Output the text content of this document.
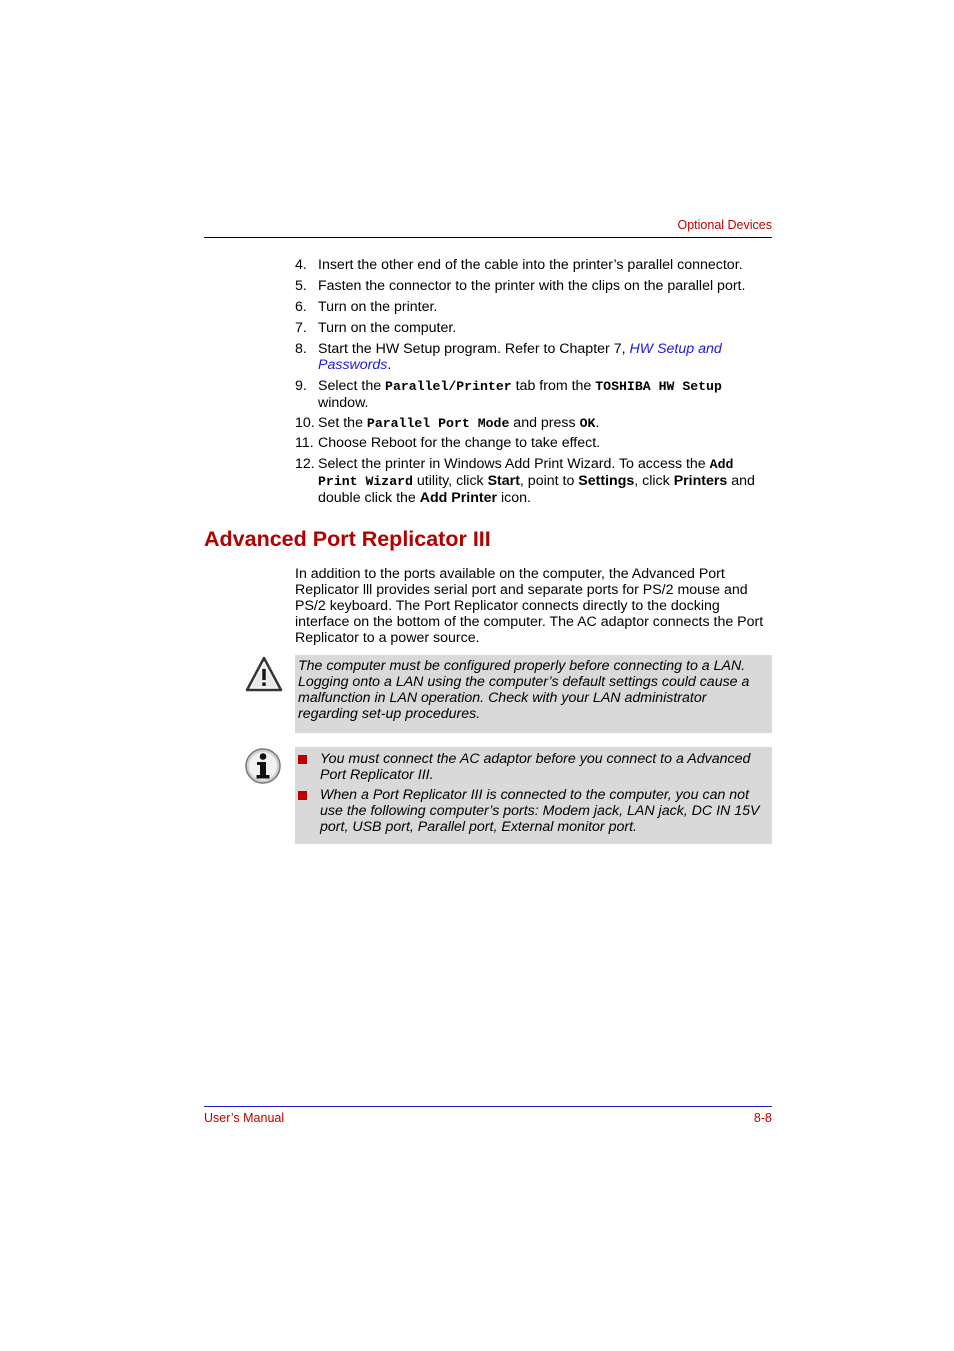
Optional Devices
4. Insert the other end of the cable into the printer’s parallel connector.
5. Fasten the connector to the printer with the clips on the parallel port.
6. Turn on the printer.
7. Turn on the computer.
8. Start the HW Setup program. Refer to Chapter 7, HW Setup and Passwords.
9. Select the Parallel/Printer tab from the TOSHIBA HW Setup window.
10. Set the Parallel Port Mode and press OK.
11. Choose Reboot for the change to take effect.
12. Select the printer in Windows Add Print Wizard. To access the Add Print Wizard utility, click Start, point to Settings, click Printers and double click the Add Printer icon.
Advanced Port Replicator III
In addition to the ports available on the computer, the Advanced Port Replicator lll provides serial port and separate ports for PS/2 mouse and PS/2 keyboard. The Port Replicator connects directly to the docking interface on the bottom of the computer. The AC adaptor connects the Port Replicator to a power source.

The computer must be configured properly before connecting to a LAN. Logging onto a LAN using the computer’s default settings could cause a malfunction in LAN operation. Check with your LAN administrator regarding set-up procedures.

You must connect the AC adaptor before you connect to a Advanced Port Replicator III.
When a Port Replicator III is connected to the computer, you can not use the following computer’s ports: Modem jack, LAN jack, DC IN 15V port, USB port, Parallel port, External monitor port.
User’s Manual	8-8
